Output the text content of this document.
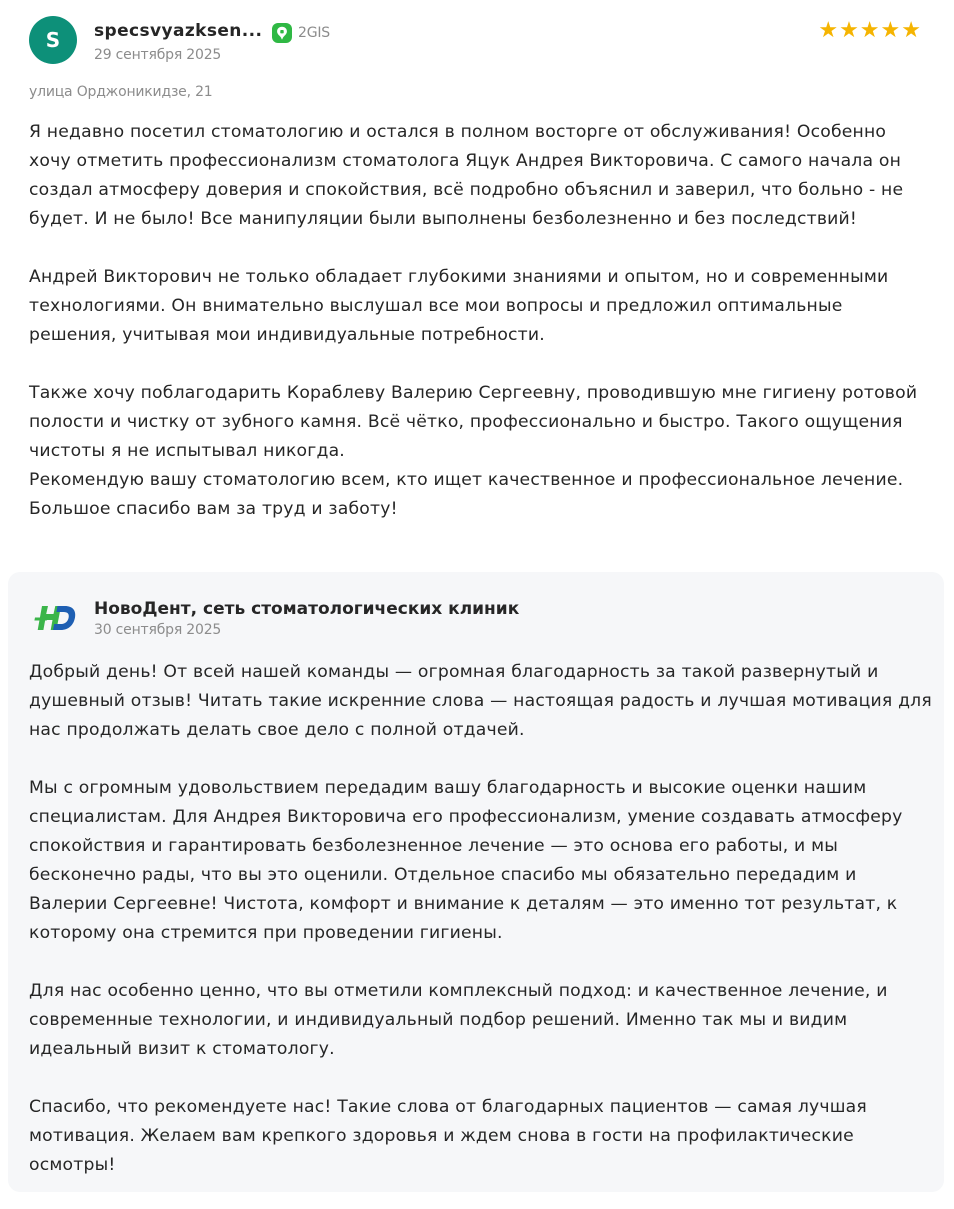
S	specsvyazksen...
29 сентября 2025
2GIS	★ ★ ★ ★ ★
улица Орджоникидзе, 21

Я недавно посетил стоматологию и остался в полном восторге от обслуживания! Особенно хочу отметить профессионализм стоматолога Яцук Андрея Викторовича. С самого начала он создал атмосферу доверия и спокойствия, всё подробно объяснил и заверил, что больно - не будет. И не было! Все манипуляции были выполнены безболезненно и без последствий!

Андрей Викторович не только обладает глубокими знаниями и опытом, но и современными технологиями. Он внимательно выслушал все мои вопросы и предложил оптимальные решения, учитывая мои индивидуальные потребности.

Также хочу поблагодарить Кораблеву Валерию Сергеевну, проводившую мне гигиену ротовой полости и чистку от зубного камня. Всё чётко, профессионально и быстро. Такого ощущения чистоты я не испытывал никогда.
Рекомендую вашу стоматологию всем, кто ищет качественное и профессиональное лечение. Большое спасибо вам за труд и заботу!

НовоДент, сеть стоматологических клиник
30 сентября 2025

Добрый день! От всей нашей команды — огромная благодарность за такой развернутый и душевный отзыв! Читать такие искренние слова — настоящая радость и лучшая мотивация для нас продолжать делать свое дело с полной отдачей.

Мы с огромным удовольствием передадим вашу благодарность и высокие оценки нашим специалистам. Для Андрея Викторовича его профессионализм, умение создавать атмосферу спокойствия и гарантировать безболезненное лечение — это основа его работы, и мы бесконечно рады, что вы это оценили. Отдельное спасибо мы обязательно передадим и Валерии Сергеевне! Чистота, комфорт и внимание к деталям — это именно тот результат, к которому она стремится при проведении гигиены.

Для нас особенно ценно, что вы отметили комплексный подход: и качественное лечение, и современные технологии, и индивидуальный подбор решений. Именно так мы и видим идеальный визит к стоматологу.

Спасибо, что рекомендуете нас! Такие слова от благодарных пациентов — самая лучшая мотивация. Желаем вам крепкого здоровья и ждем снова в гости на профилактические осмотры!
